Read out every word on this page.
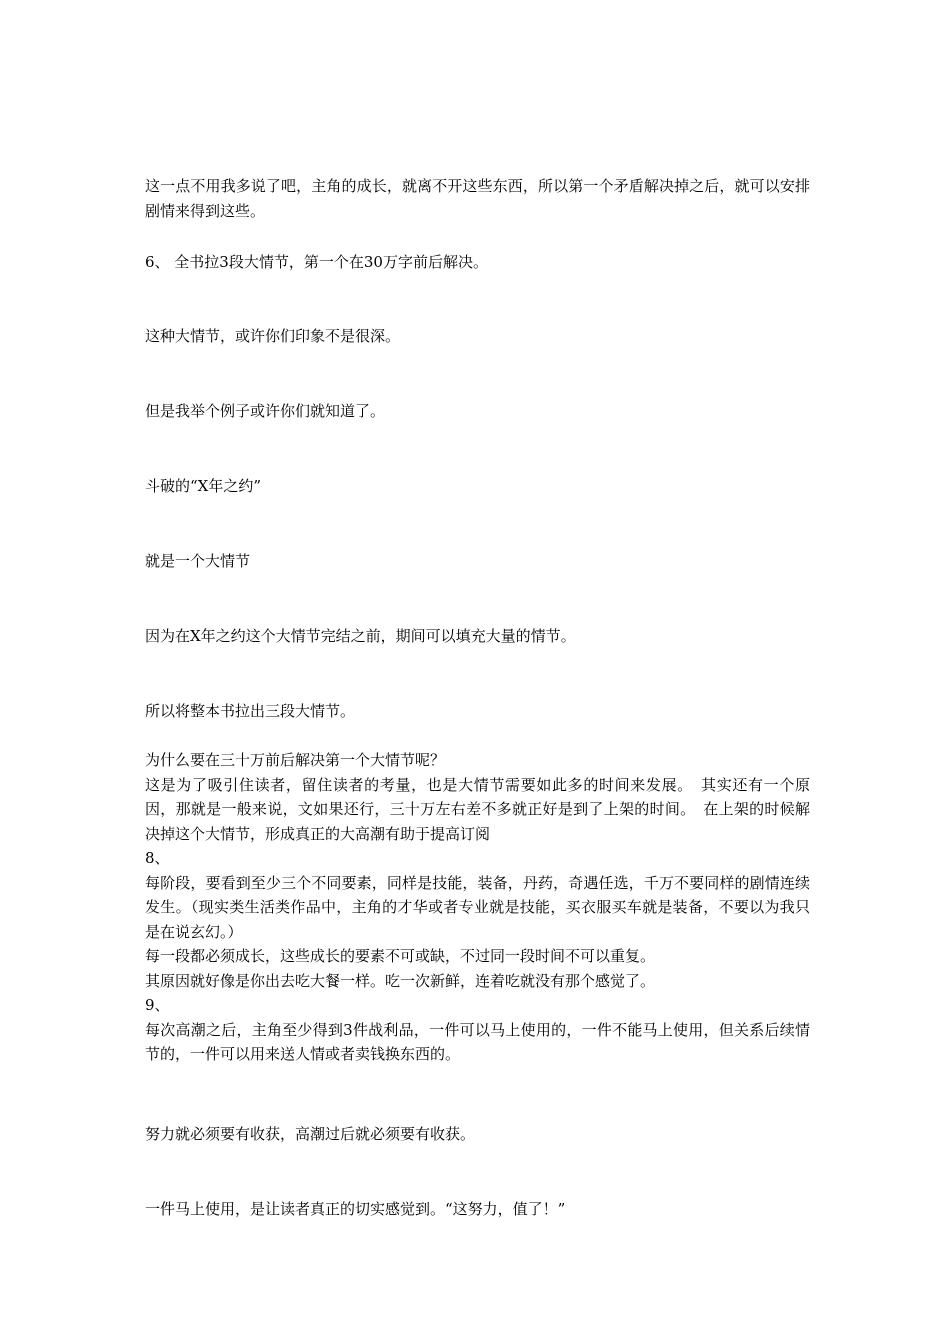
这一点不用我多说了吧，主角的成长，就离不开这些东西，所以第一个矛盾解决掉之后，就可以安排剧情来得到这些。

6、 全书拉3段大情节，第一个在30万字前后解决。

这种大情节，或许你们印象不是很深。

但是我举个例子或许你们就知道了。

斗破的“X年之约”

就是一个大情节

因为在X年之约这个大情节完结之前，期间可以填充大量的情节。

所以将整本书拉出三段大情节。

为什么要在三十万前后解决第一个大情节呢？
这是为了吸引住读者，留住读者的考量，也是大情节需要如此多的时间来发展。　其实还有一个原因，那就是一般来说，文如果还行，三十万左右差不多就正好是到了上架的时间。　在上架的时候解决掉这个大情节，形成真正的大高潮有助于提高订阅
8、
每阶段，要看到至少三个不同要素，同样是技能，装备，丹药，奇遇任选，千万不要同样的剧情连续发生。（现实类生活类作品中，主角的才华或者专业就是技能，买衣服买车就是装备，不要以为我只是在说玄幻。）
每一段都必须成长，这些成长的要素不可或缺，不过同一段时间不可以重复。
其原因就好像是你出去吃大餐一样。吃一次新鲜，连着吃就没有那个感觉了。
9、
每次高潮之后，主角至少得到3件战利品，一件可以马上使用的，一件不能马上使用，但关系后续情节的，一件可以用来送人情或者卖钱换东西的。

努力就必须要有收获，高潮过后就必须要有收获。

一件马上使用，是让读者真正的切实感觉到。“这努力，值了！”
